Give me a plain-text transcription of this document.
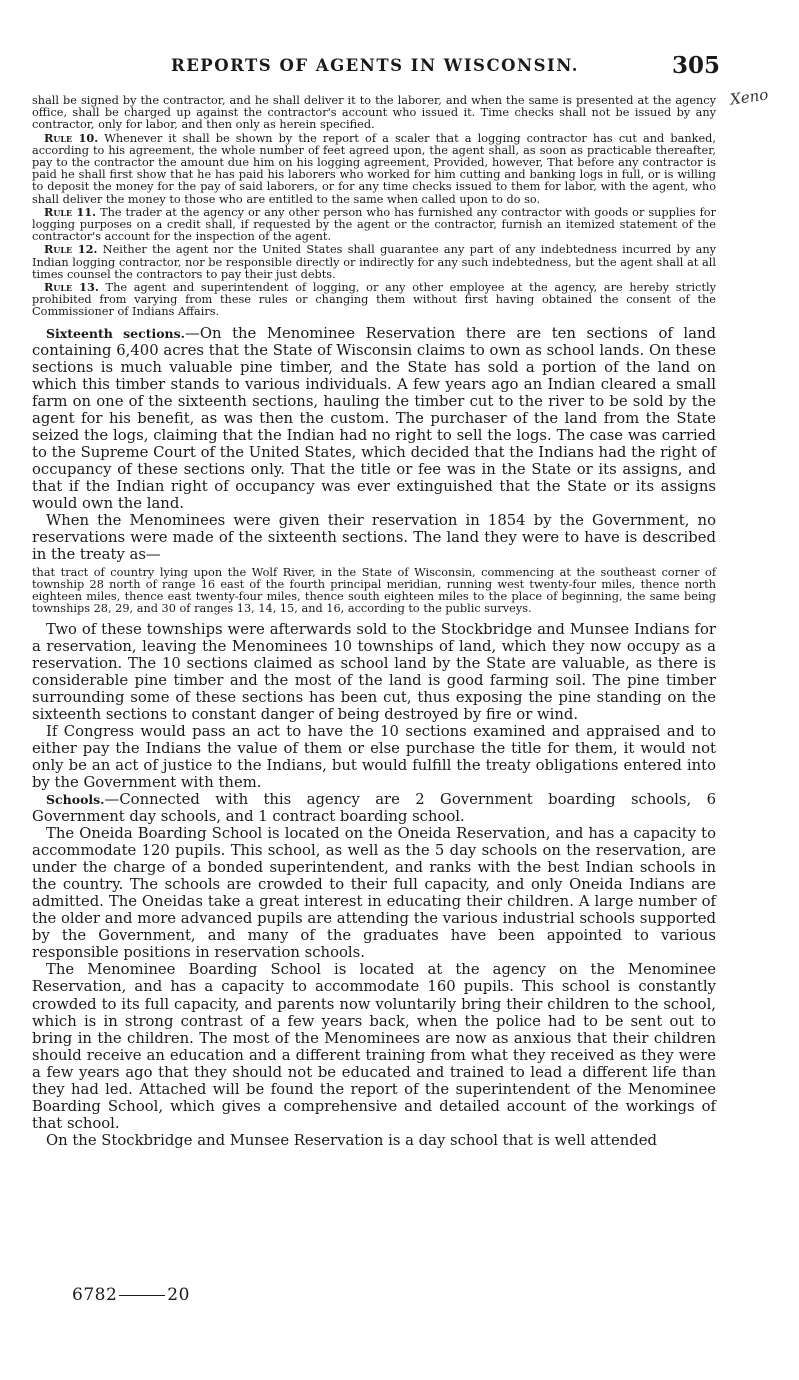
REPORTS OF AGENTS IN WISCONSIN.	305
Xeno

shall be signed by the contractor, and he shall deliver it to the laborer, and when the same is presented at the agency office, shall be charged up against the contractor's account who issued it. Time checks shall not be issued by any contractor, only for labor, and then only as herein specified.

Rule 10. Whenever it shall be shown by the report of a scaler that a logging contractor has cut and banked, according to his agreement, the whole number of feet agreed upon, the agent shall, as soon as practicable thereafter, pay to the contractor the amount due him on his logging agreement, Provided, however, That before any contractor is paid he shall first show that he has paid his laborers who worked for him cutting and banking logs in full, or is willing to deposit the money for the pay of said laborers, or for any time checks issued to them for labor, with the agent, who shall deliver the money to those who are entitled to the same when called upon to do so.

Rule 11. The trader at the agency or any other person who has furnished any contractor with goods or supplies for logging purposes on a credit shall, if requested by the agent or the contractor, furnish an itemized statement of the contractor's account for the inspection of the agent.

Rule 12. Neither the agent nor the United States shall guarantee any part of any indebtedness incurred by any Indian logging contractor, nor be responsible directly or indirectly for any such indebtedness, but the agent shall at all times counsel the contractors to pay their just debts.

Rule 13. The agent and superintendent of logging, or any other employee at the agency, are hereby strictly prohibited from varying from these rules or changing them without first having obtained the consent of the Commissioner of Indians Affairs.

Sixteenth sections.—On the Menominee Reservation there are ten sections of land containing 6,400 acres that the State of Wisconsin claims to own as school lands. On these sections is much valuable pine timber, and the State has sold a portion of the land on which this timber stands to various individuals. A few years ago an Indian cleared a small farm on one of the sixteenth sections, hauling the timber cut to the river to be sold by the agent for his benefit, as was then the custom. The purchaser of the land from the State seized the logs, claiming that the Indian had no right to sell the logs. The case was carried to the Supreme Court of the United States, which decided that the Indians had the right of occupancy of these sections only. That the title or fee was in the State or its assigns, and that if the Indian right of occupancy was ever extinguished that the State or its assigns would own the land.

When the Menominees were given their reservation in 1854 by the Government, no reservations were made of the sixteenth sections. The land they were to have is described in the treaty as—

that tract of country lying upon the Wolf River, in the State of Wisconsin, commencing at the southeast corner of township 28 north of range 16 east of the fourth principal meridian, running west twenty-four miles, thence north eighteen miles, thence east twenty-four miles, thence south eighteen miles to the place of beginning, the same being townships 28, 29, and 30 of ranges 13, 14, 15, and 16, according to the public surveys.

Two of these townships were afterwards sold to the Stockbridge and Munsee Indians for a reservation, leaving the Menominees 10 townships of land, which they now occupy as a reservation. The 10 sections claimed as school land by the State are valuable, as there is considerable pine timber and the most of the land is good farming soil. The pine timber surrounding some of these sections has been cut, thus exposing the pine standing on the sixteenth sections to constant danger of being destroyed by fire or wind.

If Congress would pass an act to have the 10 sections examined and appraised and to either pay the Indians the value of them or else purchase the title for them, it would not only be an act of justice to the Indians, but would fulfill the treaty obligations entered into by the Government with them.

Schools.—Connected with this agency are 2 Government boarding schools, 6 Government day schools, and 1 contract boarding school.

The Oneida Boarding School is located on the Oneida Reservation, and has a capacity to accommodate 120 pupils. This school, as well as the 5 day schools on the reservation, are under the charge of a bonded superintendent, and ranks with the best Indian schools in the country. The schools are crowded to their full capacity, and only Oneida Indians are admitted. The Oneidas take a great interest in educating their children. A large number of the older and more advanced pupils are attending the various industrial schools supported by the Government, and many of the graduates have been appointed to various responsible positions in reservation schools.

The Menominee Boarding School is located at the agency on the Menominee Reservation, and has a capacity to accommodate 160 pupils. This school is constantly crowded to its full capacity, and parents now voluntarily bring their children to the school, which is in strong contrast of a few years back, when the police had to be sent out to bring in the children. The most of the Menominees are now as anxious that their children should receive an education and a different training from what they received as they were a few years ago that they should not be educated and trained to lead a different life than they had led. Attached will be found the report of the superintendent of the Menominee Boarding School, which gives a comprehensive and detailed account of the workings of that school.

On the Stockbridge and Munsee Reservation is a day school that is well attended

6782	20
